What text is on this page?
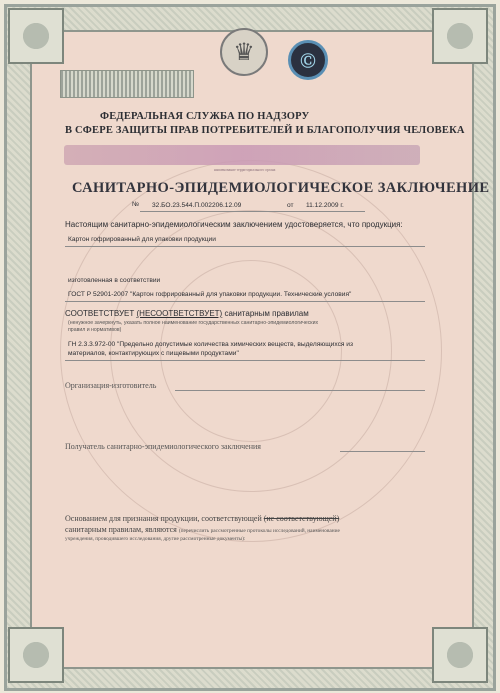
♛	Ⓒ

ФЕДЕРАЛЬНАЯ СЛУЖБА ПО НАДЗОРУ

В СФЕРЕ ЗАЩИТЫ ПРАВ ПОТРЕБИТЕЛЕЙ И БЛАГОПОЛУЧИЯ ЧЕЛОВЕКА

наименование территориального органа

САНИТАРНО-ЭПИДЕМИОЛОГИЧЕСКОЕ ЗАКЛЮЧЕНИЕ

№ 32.БО.23.544.П.002206.12.09	от 11.12.2009 г.

Настоящим санитарно-эпидемиологическим заключением удостоверяется, что продукция:

Картон гофрированный для упаковки продукции

изготовленная в соответствии

ГОСТ Р 52901-2007 "Картон гофрированный для упаковки продукции. Технические условия"

СООТВЕТСТВУЕТ (НЕСООТВЕТСТВУЕТ) санитарным правилам

(ненужное зачеркнуть, указать полное наименование государственных санитарно-эпидемиологических

правил и нормативов)

ГН 2.3.3.972-00 "Предельно допустимые количества химических веществ, выделяющихся из

материалов, контактирующих с пищевыми продуктами"

Организация-изготовитель

Получатель санитарно-эпидемиологического заключения

Основанием для признания продукции, соответствующей (не соответствующей)

санитарным правилам, являются (перечислить рассмотренные протоколы исследований, наименование

учреждения, проводившего исследования, другие рассмотренные документы):
